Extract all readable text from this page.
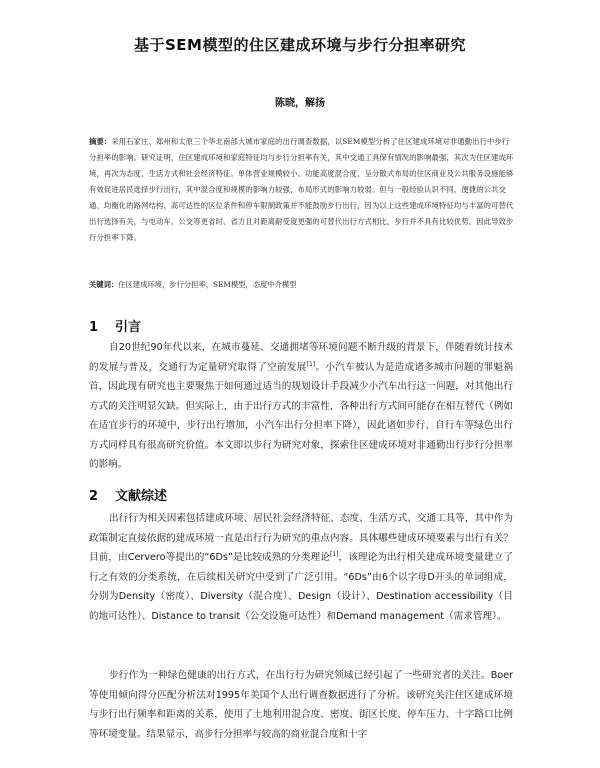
基于SEM模型的住区建成环境与步行分担率研究
陈晓，解扬
摘要：采用石家庄、郑州和太原三个华北南部大城市家庭的出行调查数据，以SEM模型分析了住区建成环境对非通勤出行中步行分担率的影响。研究证明，住区建成环境和家庭特征均与步行分担率有关，其中交通工具保有情况的影响最强，其次为住区建成环境，再次为态度、生活方式和社会经济特征。单体营业规模较小、功能高度混合度、呈分散式布局的住区商业及公共服务设施能够有效促进居民选择步行出行，其中混合度和规模的影响力较强，布局形式的影响力较弱。但与一般经验认识不同，便捷的公共交通、均衡化的路网结构、高可达性的区位条件和停车限制政策并不能鼓励步行出行，因为以上这些建成环境特征均与丰富的可替代出行选择有关，与电动车、公交等更省时、省力且对距离耐受度更强的可替代出行方式相比，步行并不具有比较优势，因此导致步行分担率下降。
关键词：住区建成环境，步行分担率，SEM模型，态度中介模型
1 引言
自20世纪90年代以来，在城市蔓延、交通拥堵等环境问题不断升级的背景下，伴随着统计技术的发展与普及，交通行为定量研究取得了空前发展[1]。小汽车被认为是造成诸多城市问题的罪魁祸首，因此现有研究也主要聚焦于如何通过适当的规划设计手段减少小汽车出行这一问题，对其他出行方式的关注明显欠缺。但实际上，由于出行方式的丰富性，各种出行方式间可能存在相互替代（例如在适宜步行的环境中，步行出行增加，小汽车出行分担率下降），因此诸如步行、自行车等绿色出行方式同样具有很高研究价值。本文即以步行为研究对象，探索住区建成环境对非通勤出行步行分担率的影响。
2 文献综述
出行行为相关因素包括建成环境、居民社会经济特征、态度、生活方式、交通工具等，其中作为政策制定直接依据的建成环境一直是出行行为研究的重点内容。具体哪些建成环境要素与出行有关？目前，由Cervero等提出的“6Ds”是比较成熟的分类理论[1]，该理论为出行相关建成环境变量建立了行之有效的分类系统，在后续相关研究中受到了广泛引用。“6Ds”由6个以字母D开头的单词组成，分别为Density（密度）、Diversity（混合度）、Design（设计）、Destination accessibility（目的地可达性）、Distance to transit（公交设施可达性）和Demand management（需求管理）。
步行作为一种绿色健康的出行方式，在出行行为研究领域已经引起了一些研究者的关注。Boer等使用倾向得分匹配分析法对1995年美国个人出行调查数据进行了分析。该研究关注住区建成环境与步行出行频率和距离的关系，使用了土地利用混合度、密度、街区长度、停车压力、十字路口比例等环境变量。结果显示，高步行分担率与较高的商业混合度和十字
